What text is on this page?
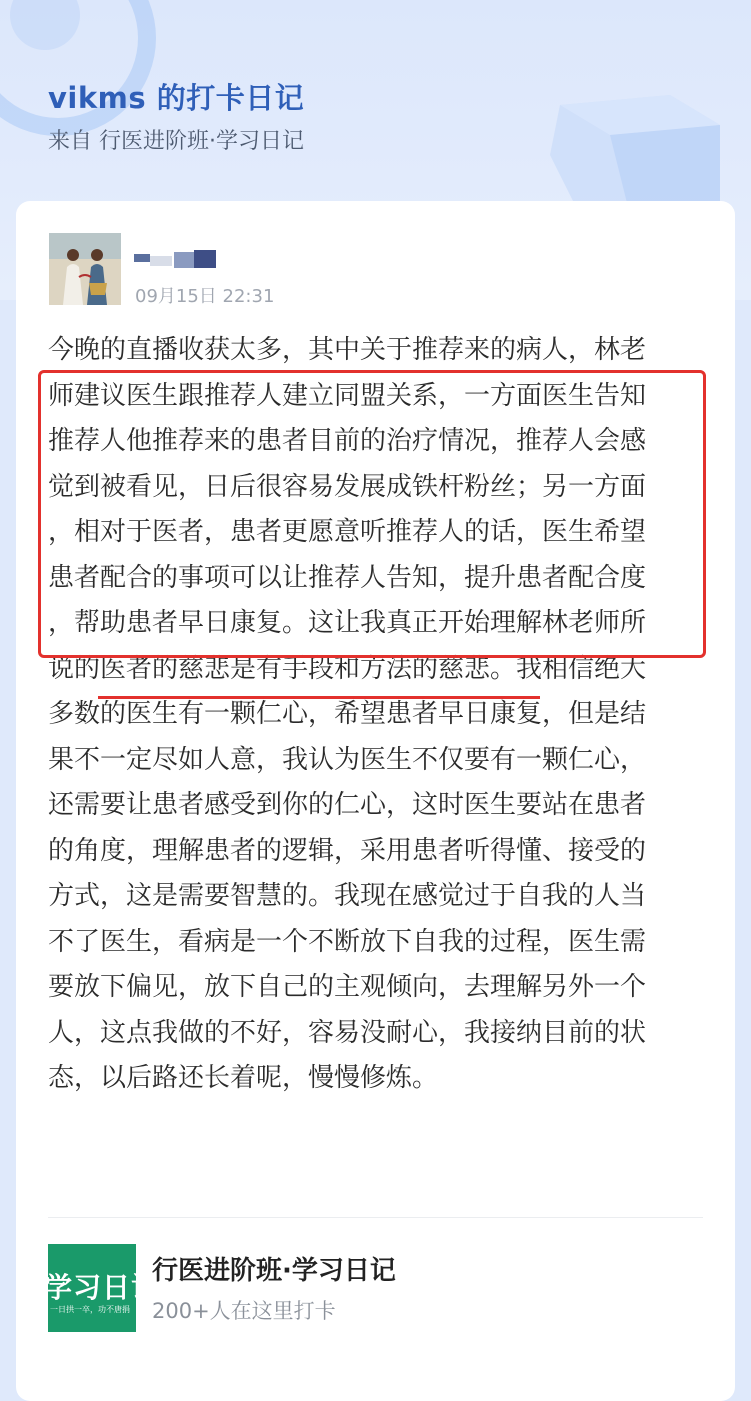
vikms 的打卡日记
来自 行医进阶班·学习日记
09月15日 22:31
今晚的直播收获太多，其中关于推荐来的病人，林老
师建议医生跟推荐人建立同盟关系，一方面医生告知
推荐人他推荐来的患者目前的治疗情况，推荐人会感
觉到被看见，日后很容易发展成铁杆粉丝；另一方面
，相对于医者，患者更愿意听推荐人的话，医生希望
患者配合的事项可以让推荐人告知，提升患者配合度
，帮助患者早日康复。这让我真正开始理解林老师所
说的医者的慈悲是有手段和方法的慈悲。我相信绝大
多数的医生有一颗仁心，希望患者早日康复，但是结
果不一定尽如人意，我认为医生不仅要有一颗仁心，
还需要让患者感受到你的仁心，这时医生要站在患者
的角度，理解患者的逻辑，采用患者听得懂、接受的
方式，这是需要智慧的。我现在感觉过于自我的人当
不了医生，看病是一个不断放下自我的过程，医生需
要放下偏见，放下自己的主观倾向，去理解另外一个
人，这点我做的不好，容易没耐心，我接纳目前的状
态，以后路还长着呢，慢慢修炼。
学习日记
一日拱一卒，功不唐捐
行医进阶班·学习日记
200+人在这里打卡
